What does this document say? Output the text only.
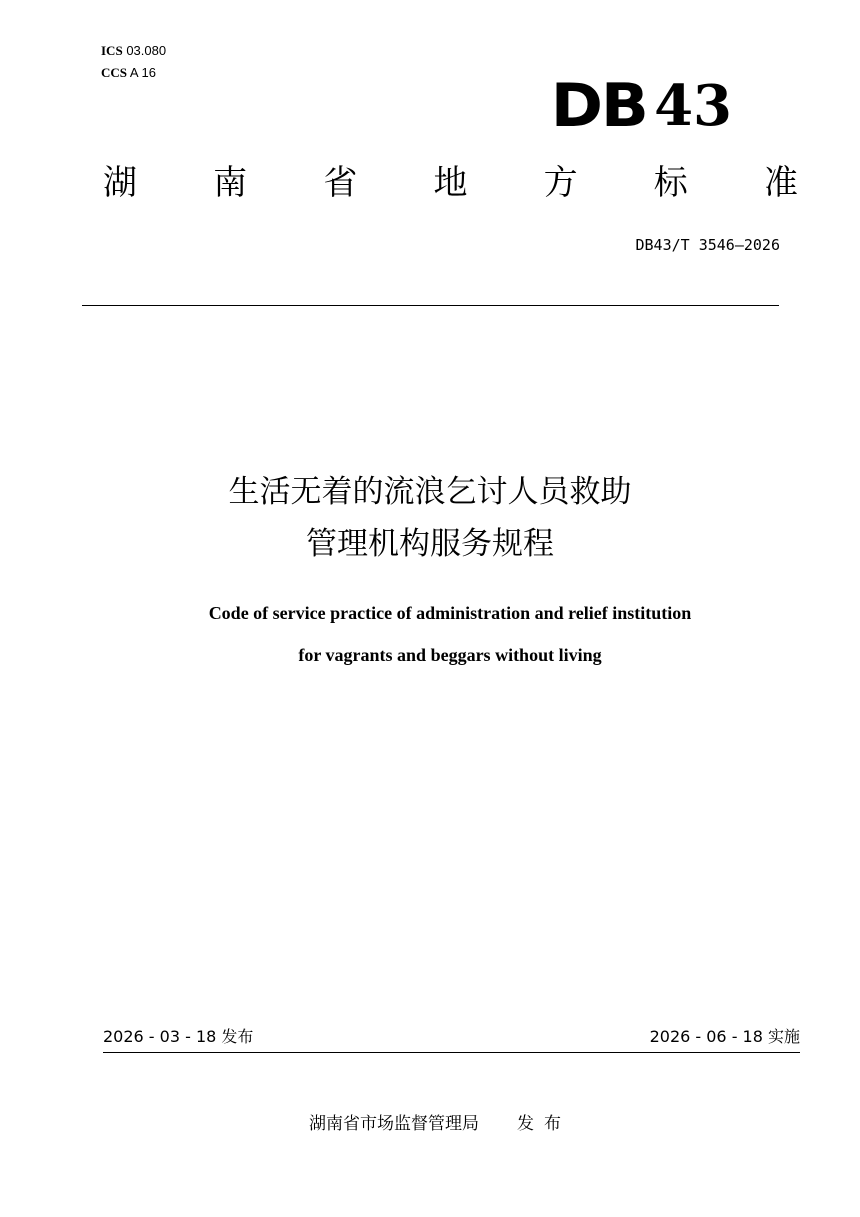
ICS 03.080
CCS A 16	DB 43
湖 南 省 地 方 标 准
DB43/T 3546—2026
生活无着的流浪乞讨人员救助
管理机构服务规程
Code of service practice of administration and relief institution
for vagrants and beggars without living
2026 - 03 - 18 发布	2026 - 06 - 18 实施
湖南省市场监督管理局 发布
